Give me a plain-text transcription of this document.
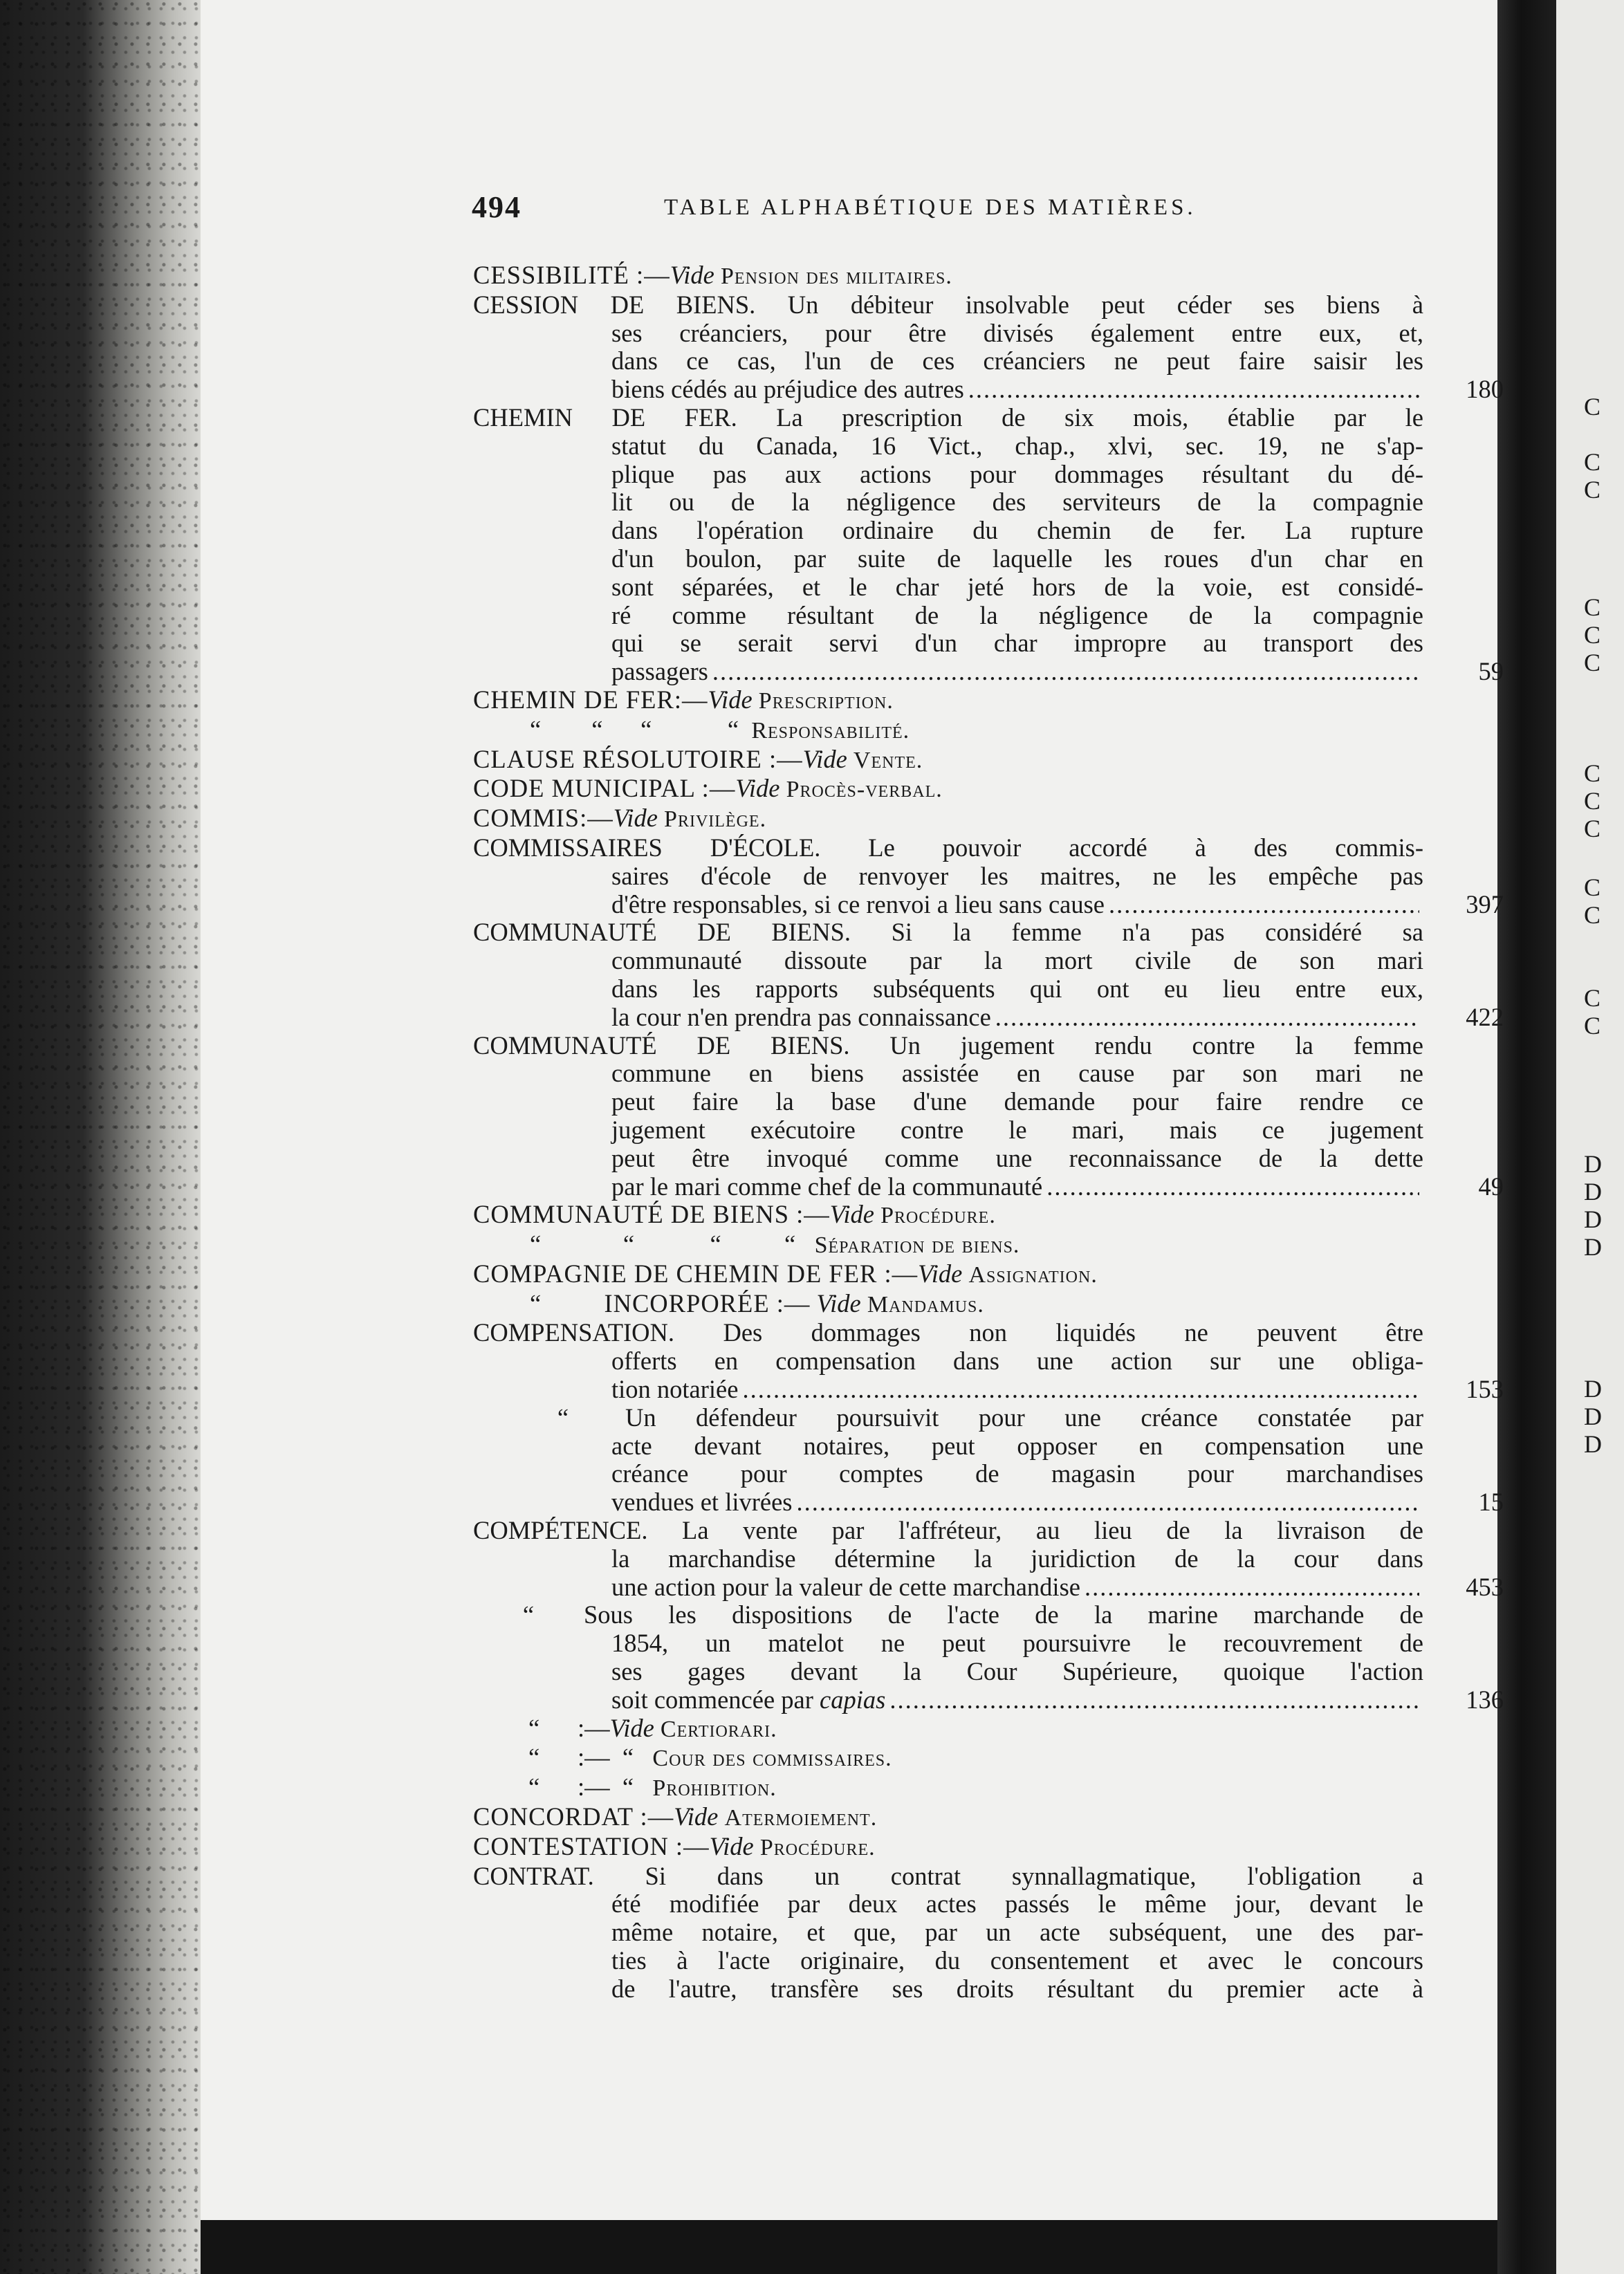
C
C
C
C
C
C
C
C
C
C
C
C
C
D
D
D
D
D
D
D
494	TABLE ALPHABÉTIQUE DES MATIÈRES.
CESSIBILITÉ :—Vide Pension des militaires.
CESSION DE BIENS. Un débiteur insolvable peut céder ses biens à
ses créanciers, pour être divisés également entre eux, et,
dans ce cas, l'un de ces créanciers ne peut faire saisir les
biens cédés au préjudice des autres .....	180
CHEMIN DE FER. La prescription de six mois, établie par le
statut du Canada, 16 Vict., chap., xlvi, sec. 19, ne s'ap-
plique pas aux actions pour dommages résultant du dé-
lit ou de la négligence des serviteurs de la compagnie
dans l'opération ordinaire du chemin de fer. La rupture
d'un boulon, par suite de laquelle les roues d'un char en
sont séparées, et le char jeté hors de la voie, est considé-
ré comme résultant de la négligence de la compagnie
qui se serait servi d'un char impropre au transport des
passagers .....	59
CHEMIN DE FER:—Vide Prescription.
“        “      “            “ Responsabilité.
CLAUSE RÉSOLUTOIRE :—Vide Vente.
CODE MUNICIPAL :—Vide Procès-verbal.
COMMIS:—Vide Privilège.
COMMISSAIRES D'ÉCOLE. Le pouvoir accordé à des commis-
saires d'école de renvoyer les maitres, ne les empêche pas
d'être responsables, si ce renvoi a lieu sans cause .....	397
COMMUNAUTÉ DE BIENS. Si la femme n'a pas considéré sa
communauté dissoute par la mort civile de son mari
dans les rapports subséquents qui ont eu lieu entre eux,
la cour n'en prendra pas connaissance .....	422
COMMUNAUTÉ DE BIENS. Un jugement rendu contre la femme
commune en biens assistée en cause par son mari ne
peut faire la base d'une demande pour faire rendre ce
jugement exécutoire contre le mari, mais ce jugement
peut être invoqué comme une reconnaissance de la dette
par le mari comme chef de la communauté .....	49
COMMUNAUTÉ DE BIENS :—Vide Procédure.
“             “            “          “ Séparation de biens.
COMPAGNIE DE CHEMIN DE FER :—Vide Assignation.
“	INCORPORÉE :— Vide Mandamus.
COMPENSATION. Des dommages non liquidés ne peuvent être
offerts en compensation dans une action sur une obliga-
tion notariée .....	153
“	Un défendeur poursuivit pour une créance constatée par
acte devant notaires, peut opposer en compensation une
créance pour comptes de magasin pour marchandises
vendues et livrées .....	15
COMPÉTENCE. La vente par l'affréteur, au lieu de la livraison de
la marchandise détermine la juridiction de la cour dans
une action pour la valeur de cette marchandise .....	453
“	Sous les dispositions de l'acte de la marine marchande de
1854, un matelot ne peut poursuivre le recouvrement de
ses gages devant la Cour Supérieure, quoique l'action
soit commencée par capias .....	136
“ :—Vide Certiorari.
“ :—  “ Cour des commissaires.
“ :—  “ Prohibition.
CONCORDAT :—Vide Atermoiement.
CONTESTATION :—Vide Procédure.
CONTRAT. Si dans un contrat synnallagmatique, l'obligation a
été modifiée par deux actes passés le même jour, devant le
même notaire, et que, par un acte subséquent, une des par-
ties à l'acte originaire, du consentement et avec le concours
de l'autre, transfère ses droits résultant du premier acte à
